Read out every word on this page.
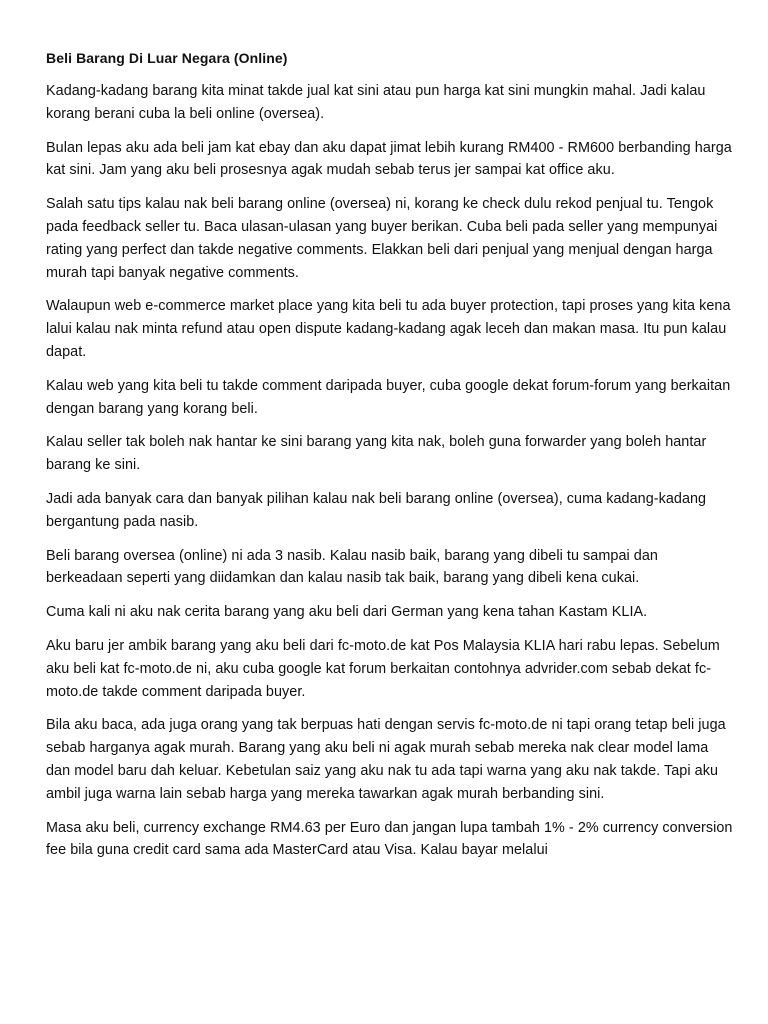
Beli Barang Di Luar Negara (Online)
Kadang-kadang barang kita minat takde jual kat sini atau pun harga kat sini mungkin mahal. Jadi kalau korang berani cuba la beli online (oversea).
Bulan lepas aku ada beli jam kat ebay dan aku dapat jimat lebih kurang RM400 - RM600 berbanding harga kat sini. Jam yang aku beli prosesnya agak mudah sebab terus jer sampai kat office aku.
Salah satu tips kalau nak beli barang online (oversea) ni, korang ke check dulu rekod penjual tu. Tengok pada feedback seller tu. Baca ulasan-ulasan yang buyer berikan. Cuba beli pada seller yang mempunyai rating yang perfect dan takde negative comments. Elakkan beli dari penjual yang menjual dengan harga murah tapi banyak negative comments.
Walaupun web e-commerce market place yang kita beli tu ada buyer protection, tapi proses yang kita kena lalui kalau nak minta refund atau open dispute kadang-kadang agak leceh dan makan masa. Itu pun kalau dapat.
Kalau web yang kita beli tu takde comment daripada buyer, cuba google dekat forum-forum yang berkaitan dengan barang yang korang beli.
Kalau seller tak boleh nak hantar ke sini barang yang kita nak, boleh guna forwarder yang boleh hantar barang ke sini.
Jadi ada banyak cara dan banyak pilihan kalau nak beli barang online (oversea), cuma kadang-kadang bergantung pada nasib.
Beli barang oversea (online) ni ada 3 nasib. Kalau nasib baik, barang yang dibeli tu sampai dan berkeadaan seperti yang diidamkan dan kalau nasib tak baik, barang yang dibeli kena cukai.
Cuma kali ni aku nak cerita barang yang aku beli dari German yang kena tahan Kastam KLIA.
Aku baru jer ambik barang yang aku beli dari fc-moto.de kat Pos Malaysia KLIA hari rabu lepas. Sebelum aku beli kat fc-moto.de ni, aku cuba google kat forum berkaitan contohnya advrider.com sebab dekat fc-moto.de takde comment daripada buyer.
Bila aku baca, ada juga orang yang tak berpuas hati dengan servis fc-moto.de ni tapi orang tetap beli juga sebab harganya agak murah. Barang yang aku beli ni agak murah sebab mereka nak clear model lama dan model baru dah keluar. Kebetulan saiz yang aku nak tu ada tapi warna yang aku nak takde. Tapi aku ambil juga warna lain sebab harga yang mereka tawarkan agak murah berbanding sini.
Masa aku beli, currency exchange RM4.63 per Euro dan jangan lupa tambah 1% - 2% currency conversion fee bila guna credit card sama ada MasterCard atau Visa. Kalau bayar melalui
